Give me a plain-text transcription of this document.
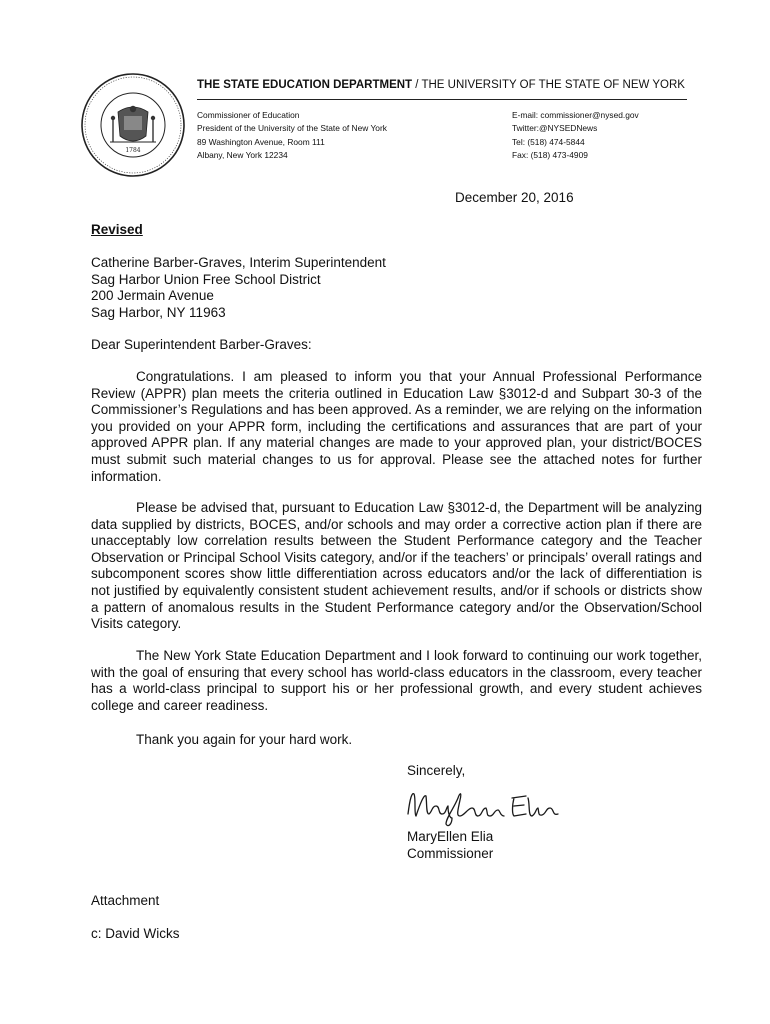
1784
THE STATE EDUCATION DEPARTMENT / THE UNIVERSITY OF THE STATE OF NEW YORK
Commissioner of Education
President of the University of the State of New York
89 Washington Avenue, Room 111
Albany, New York 12234
E-mail: commissioner@nysed.gov
Twitter:@NYSEDNews
Tel: (518) 474-5844
Fax: (518) 473-4909
December 20, 2016
Revised
Catherine Barber-Graves, Interim Superintendent
Sag Harbor Union Free School District
200 Jermain Avenue
Sag Harbor, NY 11963
Dear Superintendent Barber-Graves:

Congratulations. I am pleased to inform you that your Annual Professional Performance Review (APPR) plan meets the criteria outlined in Education Law §3012-d and Subpart 30-3 of the Commissioner’s Regulations and has been approved. As a reminder, we are relying on the information you provided on your APPR form, including the certifications and assurances that are part of your approved APPR plan. If any material changes are made to your approved plan, your district/BOCES must submit such material changes to us for approval. Please see the attached notes for further information.

Please be advised that, pursuant to Education Law §3012-d, the Department will be analyzing data supplied by districts, BOCES, and/or schools and may order a corrective action plan if there are unacceptably low correlation results between the Student Performance category and the Teacher Observation or Principal School Visits category, and/or if the teachers’ or principals’ overall ratings and subcomponent scores show little differentiation across educators and/or the lack of differentiation is not justified by equivalently consistent student achievement results, and/or if schools or districts show a pattern of anomalous results in the Student Performance category and/or the Observation/School Visits category.

The New York State Education Department and I look forward to continuing our work together, with the goal of ensuring that every school has world-class educators in the classroom, every teacher has a world-class principal to support his or her professional growth, and every student achieves college and career readiness.

Thank you again for your hard work.

Sincerely,
MaryEllen Elia
Commissioner
Attachment
c: David Wicks
